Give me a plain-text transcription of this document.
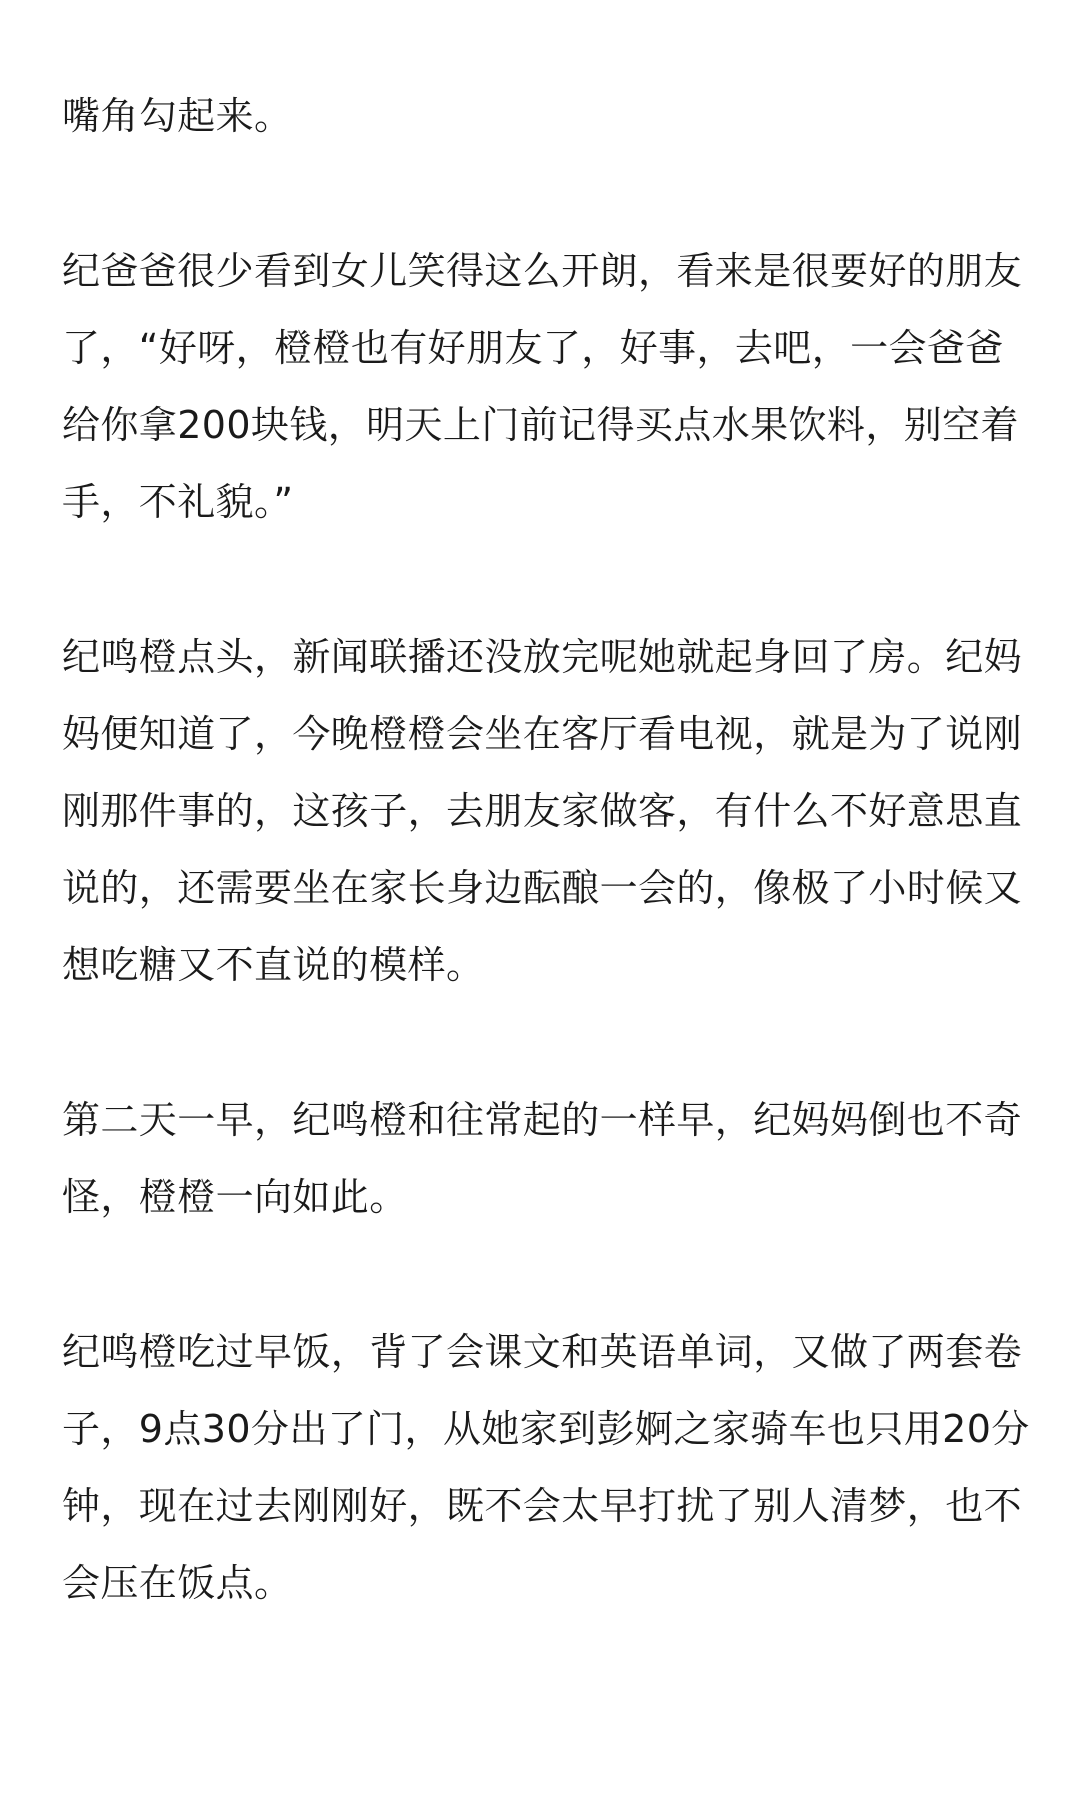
嘴角勾起来。

纪爸爸很少看到女儿笑得这么开朗，看来是很要好的朋友了，“好呀，橙橙也有好朋友了，好事，去吧，一会爸爸给你拿200块钱，明天上门前记得买点水果饮料，别空着手，不礼貌。”

纪鸣橙点头，新闻联播还没放完呢她就起身回了房。纪妈妈便知道了，今晚橙橙会坐在客厅看电视，就是为了说刚刚那件事的，这孩子，去朋友家做客，有什么不好意思直说的，还需要坐在家长身边酝酿一会的，像极了小时候又想吃糖又不直说的模样。

第二天一早，纪鸣橙和往常起的一样早，纪妈妈倒也不奇怪，橙橙一向如此。

纪鸣橙吃过早饭，背了会课文和英语单词，又做了两套卷子，9点30分出了门，从她家到彭婀之家骑车也只用20分钟，现在过去刚刚好，既不会太早打扰了别人清梦，也不会压在饭点。
